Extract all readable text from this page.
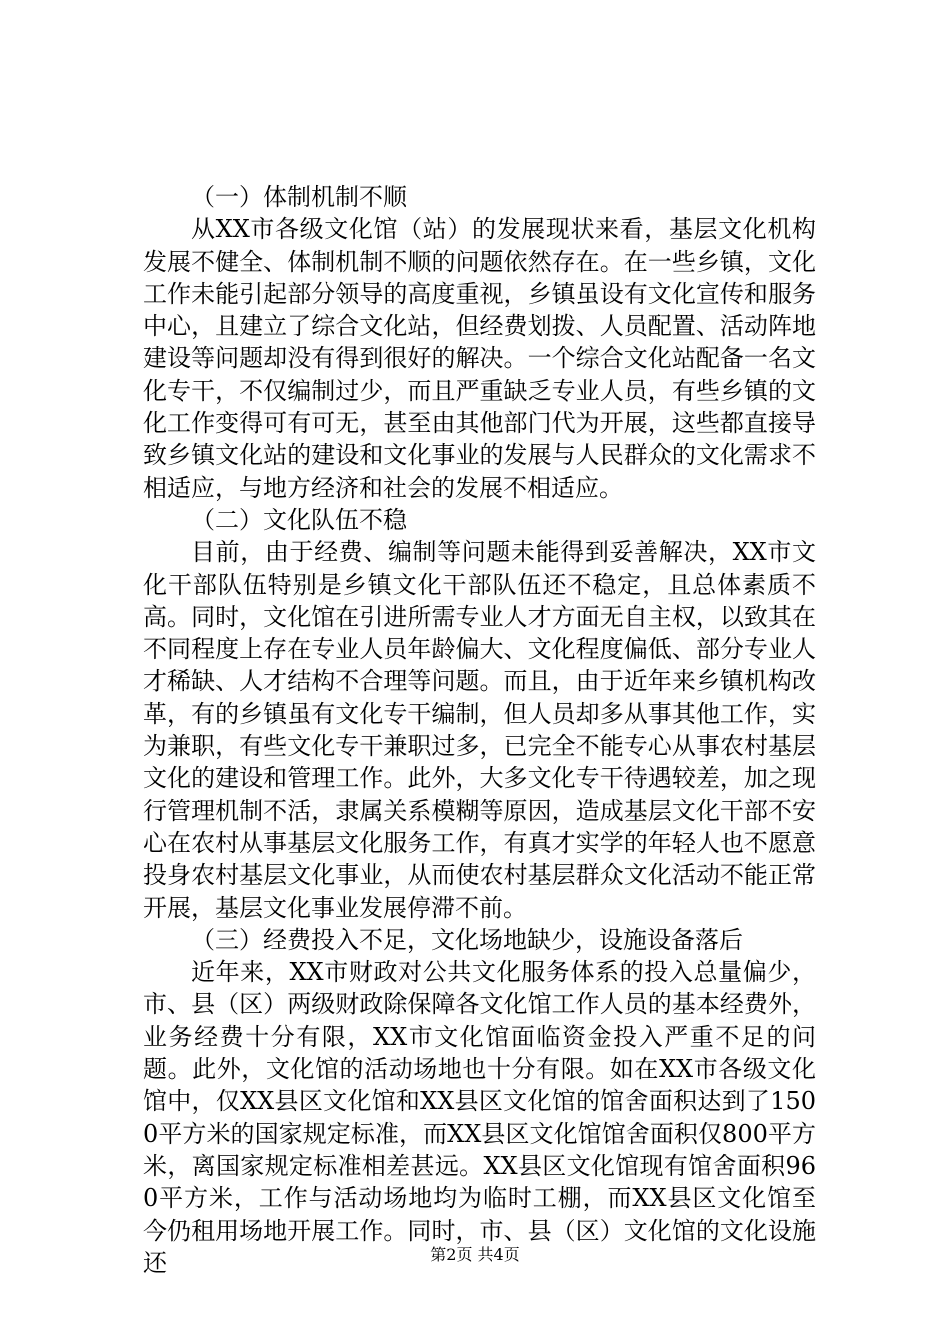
（一）体制机制不顺

从XX市各级文化馆（站）的发展现状来看，基层文化机构发展不健全、体制机制不顺的问题依然存在。在一些乡镇，文化工作未能引起部分领导的高度重视，乡镇虽设有文化宣传和服务中心，且建立了综合文化站，但经费划拨、人员配置、活动阵地建设等问题却没有得到很好的解决。一个综合文化站配备一名文化专干，不仅编制过少，而且严重缺乏专业人员，有些乡镇的文化工作变得可有可无，甚至由其他部门代为开展，这些都直接导致乡镇文化站的建设和文化事业的发展与人民群众的文化需求不相适应，与地方经济和社会的发展不相适应。

（二）文化队伍不稳

目前，由于经费、编制等问题未能得到妥善解决，XX市文化干部队伍特别是乡镇文化干部队伍还不稳定，且总体素质不高。同时，文化馆在引进所需专业人才方面无自主权，以致其在不同程度上存在专业人员年龄偏大、文化程度偏低、部分专业人才稀缺、人才结构不合理等问题。而且，由于近年来乡镇机构改革，有的乡镇虽有文化专干编制，但人员却多从事其他工作，实为兼职，有些文化专干兼职过多，已完全不能专心从事农村基层文化的建设和管理工作。此外，大多文化专干待遇较差，加之现行管理机制不活，隶属关系模糊等原因，造成基层文化干部不安心在农村从事基层文化服务工作，有真才实学的年轻人也不愿意投身农村基层文化事业，从而使农村基层群众文化活动不能正常开展，基层文化事业发展停滞不前。

（三）经费投入不足，文化场地缺少，设施设备落后

近年来，XX市财政对公共文化服务体系的投入总量偏少，市、县（区）两级财政除保障各文化馆工作人员的基本经费外，业务经费十分有限，XX市文化馆面临资金投入严重不足的问题。此外，文化馆的活动场地也十分有限。如在XX市各级文化馆中，仅XX县区文化馆和XX县区文化馆的馆舍面积达到了1500平方米的国家规定标准，而XX县区文化馆馆舍面积仅800平方米，离国家规定标准相差甚远。XX县区文化馆现有馆舍面积960平方米，工作与活动场地均为临时工棚，而XX县区文化馆至今仍租用场地开展工作。同时，市、县（区）文化馆的文化设施还	第2页 共4页
